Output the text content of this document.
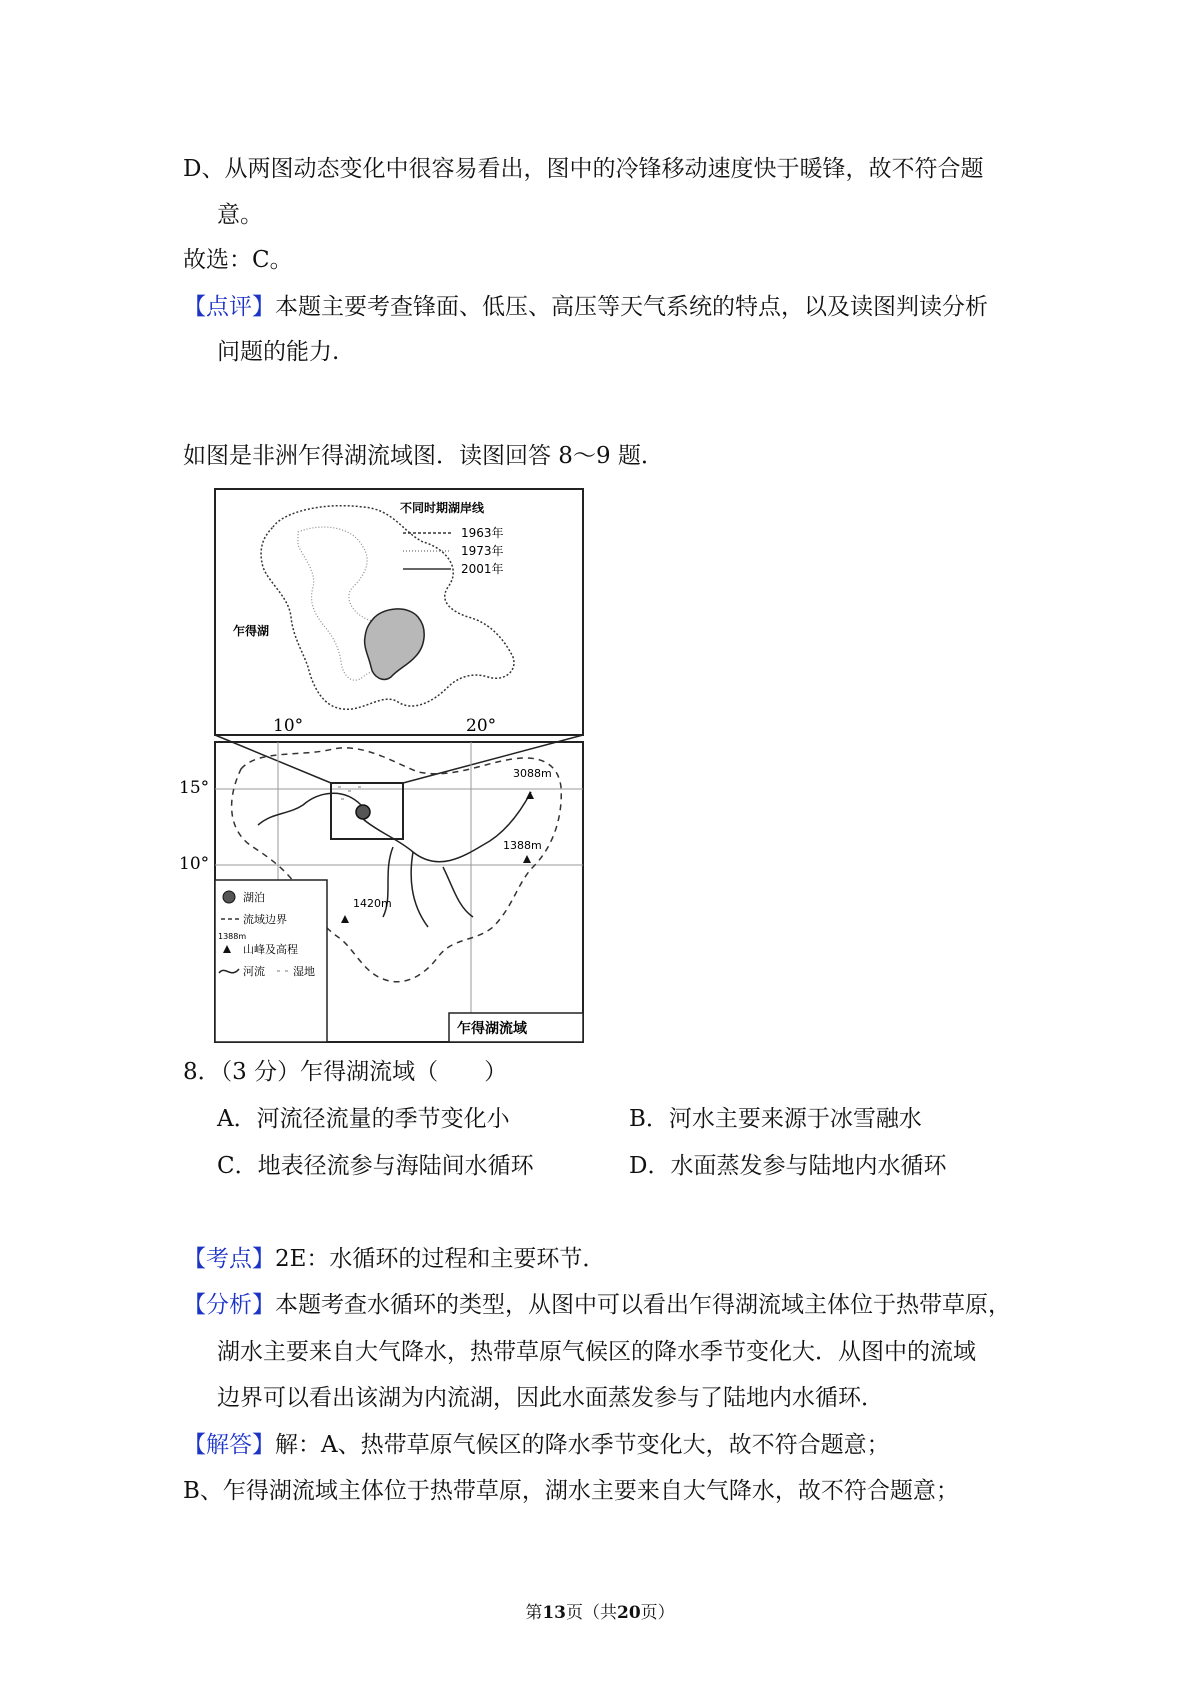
D、从两图动态变化中很容易看出，图中的冷锋移动速度快于暖锋，故不符合题
意。
故选：C。
【点评】本题主要考查锋面、低压、高压等天气系统的特点，以及读图判读分析
问题的能力.
如图是非洲乍得湖流域图．读图回答 8～9 题．
乍得湖
不同时期湖岸线
1963年
1973年
2001年
10°	20°
15°
10°
3088m
1388m
1420m
湖泊
流域边界
1388m
山峰及高程
河流	湿地
乍得湖流域
8．（3 分）乍得湖流域（　　）
A．河流径流量的季节变化小	B．河水主要来源于冰雪融水
C．地表径流参与海陆间水循环	D．水面蒸发参与陆地内水循环
【考点】2E：水循环的过程和主要环节．
【分析】本题考查水循环的类型，从图中可以看出乍得湖流域主体位于热带草原，
湖水主要来自大气降水，热带草原气候区的降水季节变化大．从图中的流域
边界可以看出该湖为内流湖，因此水面蒸发参与了陆地内水循环．
【解答】解：A、热带草原气候区的降水季节变化大，故不符合题意；
B、乍得湖流域主体位于热带草原，湖水主要来自大气降水，故不符合题意；
第13页（共20页）
